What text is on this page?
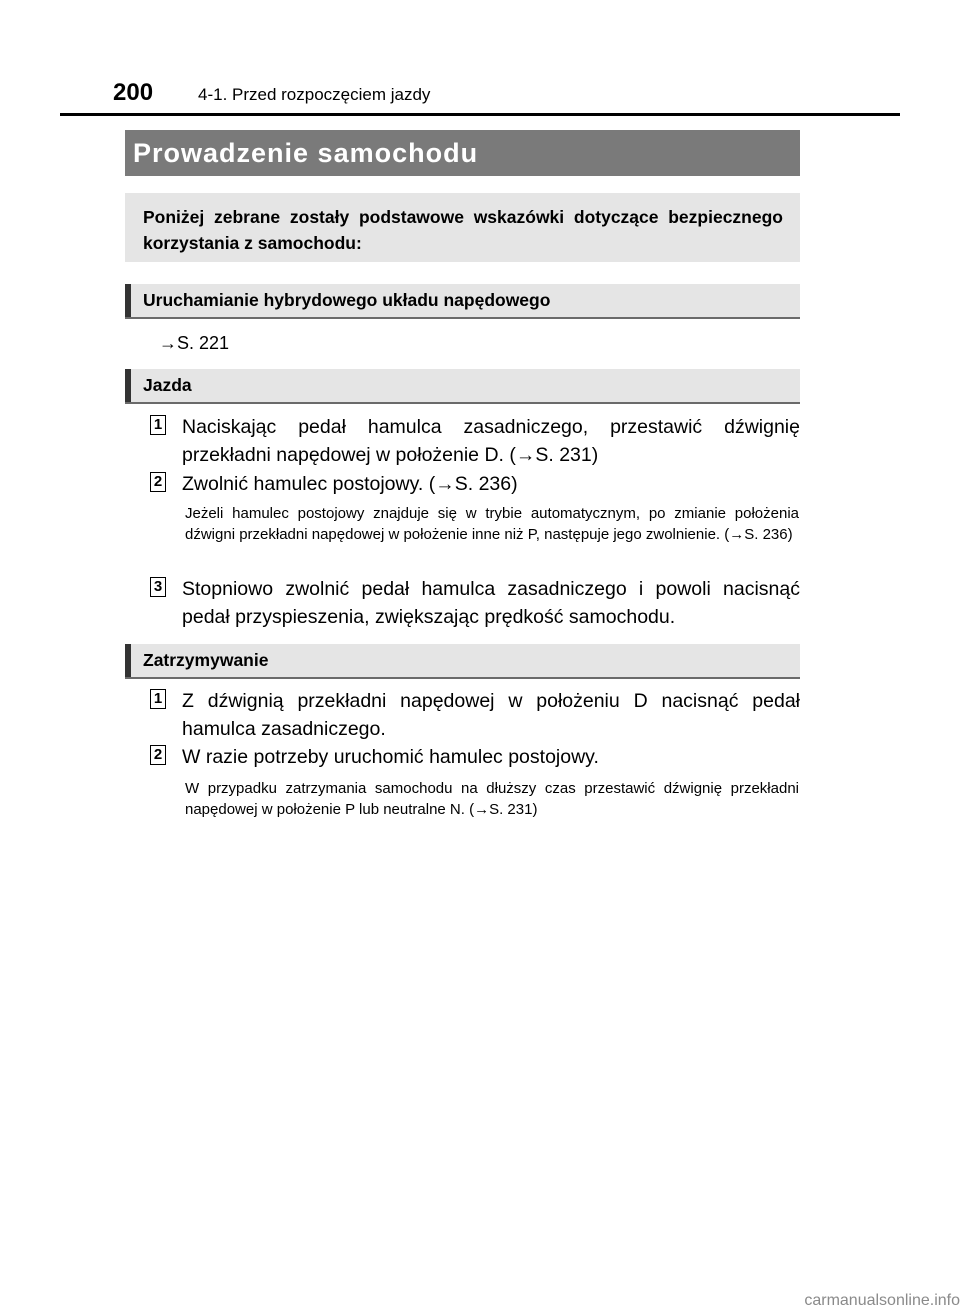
200	4-1. Przed rozpoczęciem jazdy
Prowadzenie samochodu
Poniżej zebrane zostały podstawowe wskazówki dotyczące bezpiecznego korzystania z samochodu:
Uruchamianie hybrydowego układu napędowego
→S. 221
Jazda
1 Naciskając pedał hamulca zasadniczego, przestawić dźwignię przekładni napędowej w położenie D. (→S. 231)
2 Zwolnić hamulec postojowy. (→S. 236)
Jeżeli hamulec postojowy znajduje się w trybie automatycznym, po zmianie położenia dźwigni przekładni napędowej w położenie inne niż P, następuje jego zwolnienie. (→S. 236)
3 Stopniowo zwolnić pedał hamulca zasadniczego i powoli nacisnąć pedał przyspieszenia, zwiększając prędkość samochodu.
Zatrzymywanie
1 Z dźwignią przekładni napędowej w położeniu D nacisnąć pedał hamulca zasadniczego.
2 W razie potrzeby uruchomić hamulec postojowy.
W przypadku zatrzymania samochodu na dłuższy czas przestawić dźwignię przekładni napędowej w położenie P lub neutralne N. (→S. 231)
carmanualsonline.info
